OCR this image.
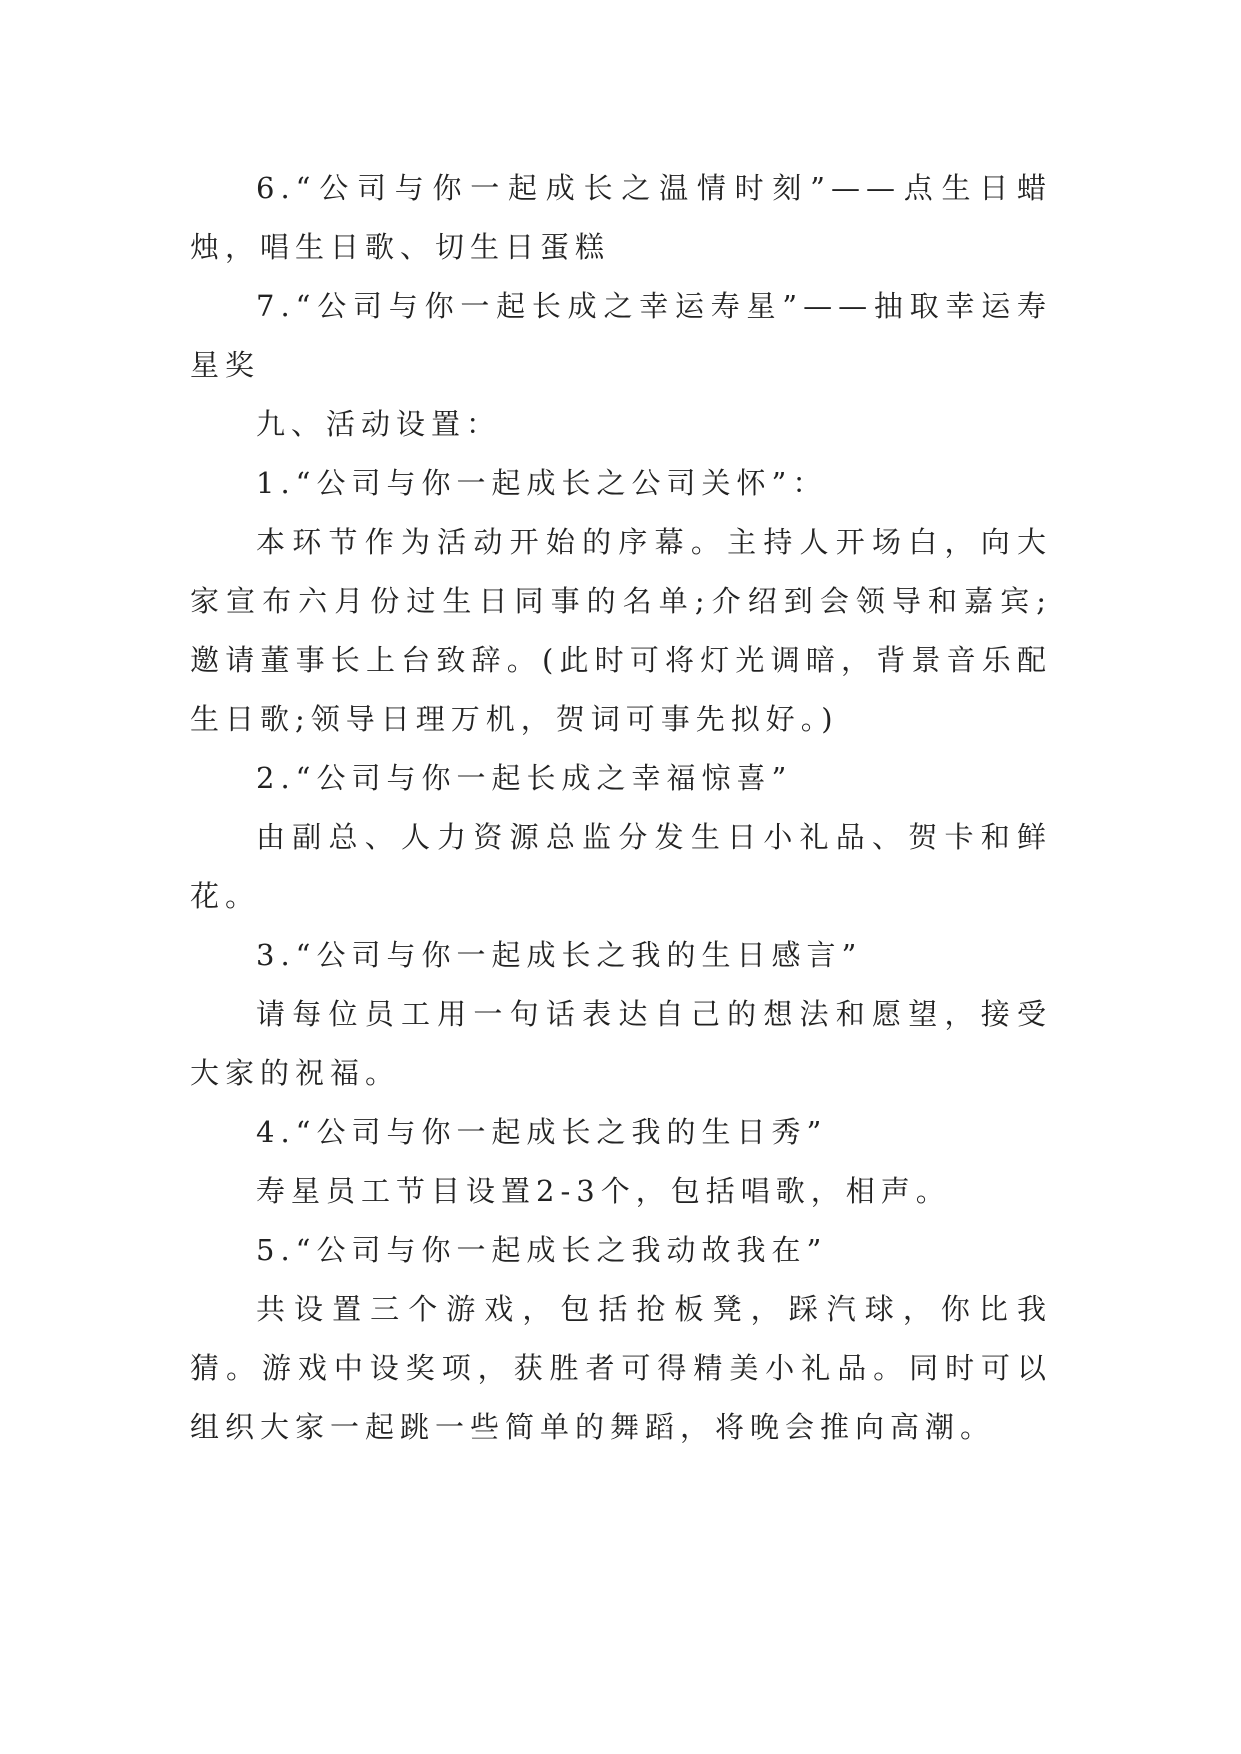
6.“公司与你一起成长之温情时刻”——点生日蜡烛，唱生日歌、切生日蛋糕

7.“公司与你一起长成之幸运寿星”——抽取幸运寿星奖

九、活动设置：

1.“公司与你一起成长之公司关怀”：

本环节作为活动开始的序幕。主持人开场白，向大家宣布六月份过生日同事的名单;介绍到会领导和嘉宾;邀请董事长上台致辞。(此时可将灯光调暗，背景音乐配生日歌;领导日理万机，贺词可事先拟好。)

2.“公司与你一起长成之幸福惊喜”

由副总、人力资源总监分发生日小礼品、贺卡和鲜花。

3.“公司与你一起成长之我的生日感言”

请每位员工用一句话表达自己的想法和愿望，接受大家的祝福。

4.“公司与你一起成长之我的生日秀”

寿星员工节目设置2-3个，包括唱歌，相声。

5.“公司与你一起成长之我动故我在”

共设置三个游戏，包括抢板凳，踩汽球，你比我猜。游戏中设奖项，获胜者可得精美小礼品。同时可以组织大家一起跳一些简单的舞蹈，将晚会推向高潮。
